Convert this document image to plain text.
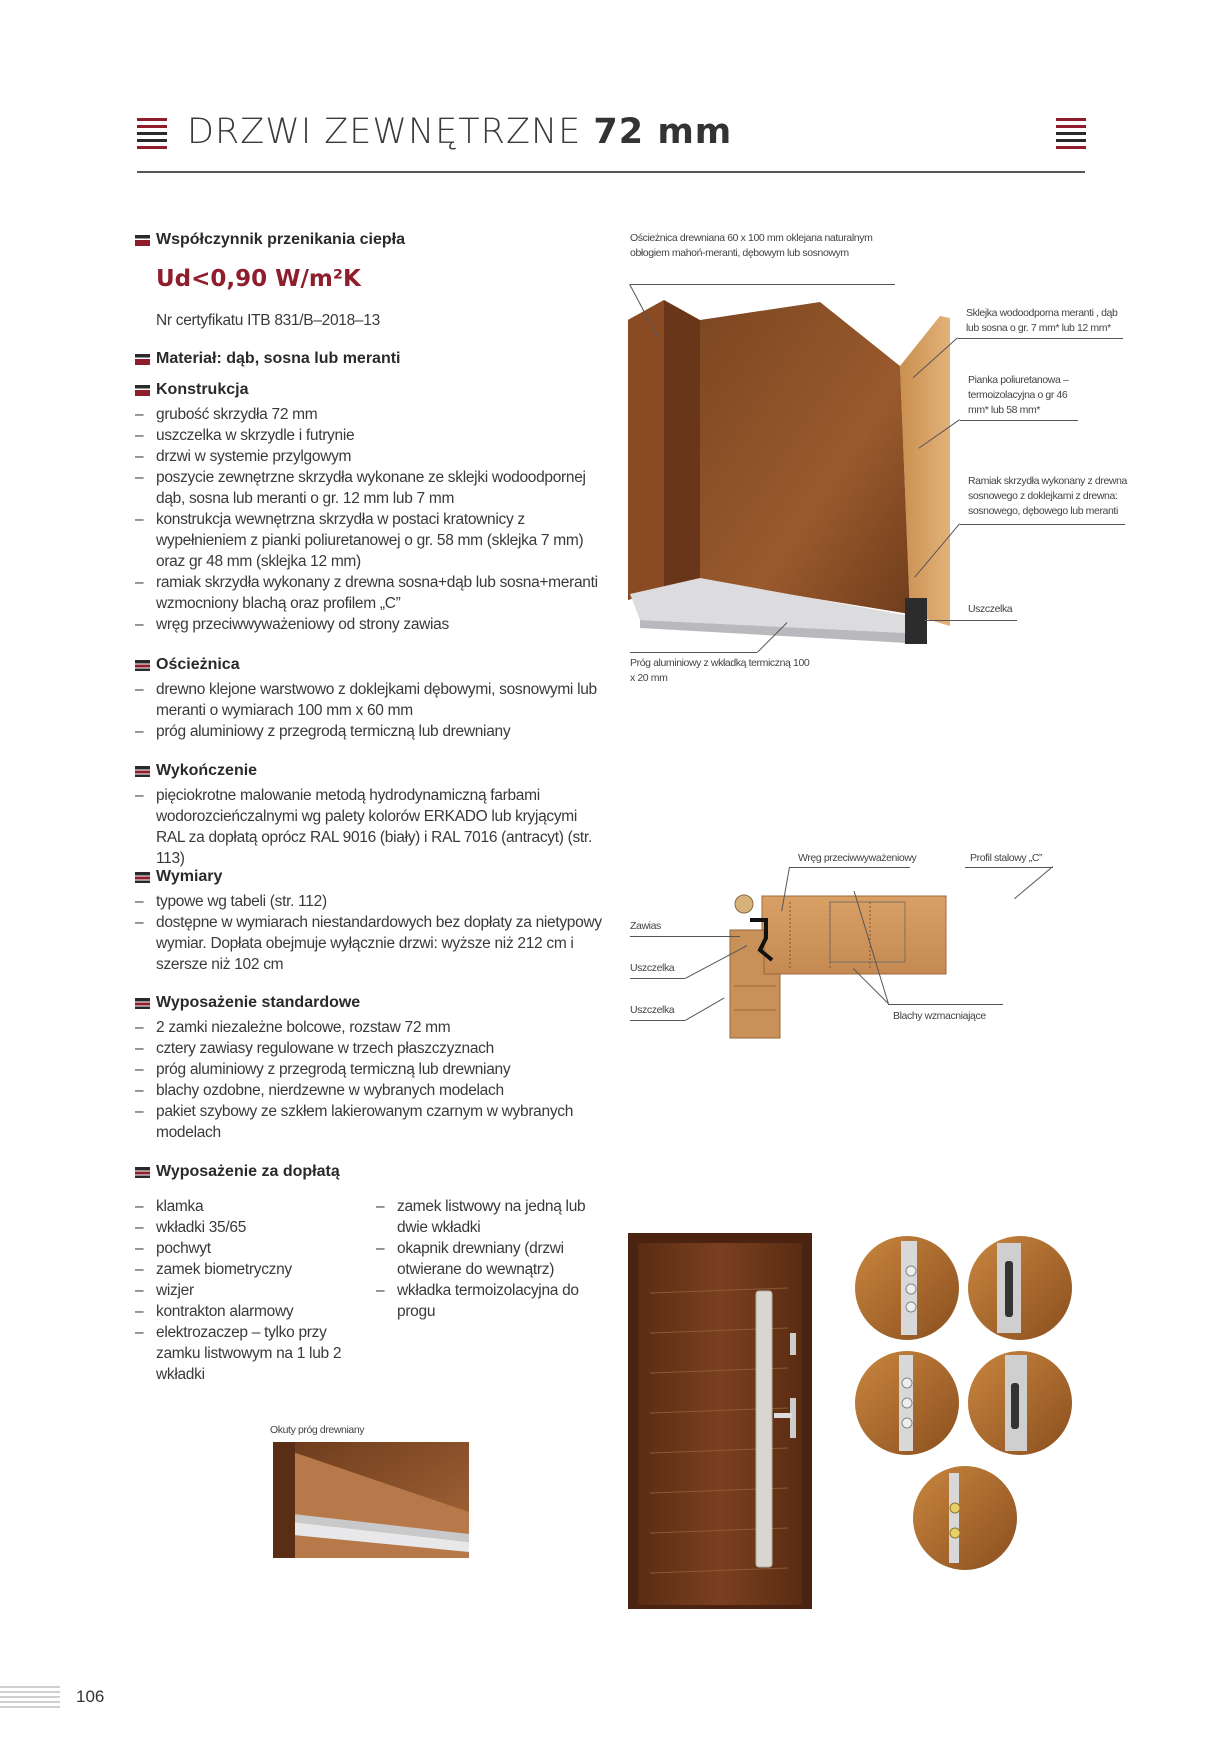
DRZWI ZEWNĘTRZNE 72 mm
Współczynnik przenikania ciepła
Ud<0,90 W/m²K
Nr certyfikatu ITB 831/B–2018–13
Materiał: dąb, sosna lub meranti
Konstrukcja
– grubość skrzydła 72 mm
– uszczelka w skrzydle i futrynie
– drzwi w systemie przylgowym
– poszycie zewnętrzne skrzydła wykonane ze sklejki wodoodpornej dąb, sosna lub meranti o gr. 12 mm lub 7 mm
– konstrukcja wewnętrzna skrzydła w postaci kratownicy z wypełnieniem z pianki poliuretanowej o gr. 58 mm (sklejka 7 mm) oraz gr 48 mm (sklejka 12 mm)
– ramiak skrzydła wykonany z drewna sosna+dąb lub sosna+meranti wzmocniony blachą oraz profilem „C”
– wręg przeciwwyważeniowy od strony zawias
Ościeżnica
– drewno klejone warstwowo z doklejkami dębowymi, sosnowymi lub meranti o wymiarach 100 mm x 60 mm
– próg aluminiowy z przegrodą termiczną lub drewniany
Wykończenie
– pięciokrotne malowanie metodą hydrodynamiczną farbami wodorozcieńczalnymi wg palety kolorów ERKADO lub kryjącymi RAL za dopłatą oprócz RAL 9016 (biały) i RAL 7016 (antracyt) (str. 113)
Wymiary
– typowe wg tabeli (str. 112)
– dostępne w wymiarach niestandardowych bez dopłaty za nietypowy wymiar. Dopłata obejmuje wyłącznie drzwi: wyższe niż 212 cm i szersze niż 102 cm
Wyposażenie standardowe
– 2 zamki niezależne bolcowe, rozstaw 72 mm
– cztery zawiasy regulowane w trzech płaszczyznach
– próg aluminiowy z przegrodą termiczną lub drewniany
– blachy ozdobne, nierdzewne w wybranych modelach
– pakiet szybowy ze szkłem lakierowanym czarnym w wybranych modelach
Wyposażenie za dopłatą
– klamka
– wkładki 35/65
– pochwyt
– zamek biometryczny
– wizjer
– kontrakton alarmowy
– elektrozaczep – tylko przy zamku listwowym na 1 lub 2 wkładki
– zamek listwowy na jedną lub dwie wkładki
– okapnik drewniany (drzwi otwierane do wewnątrz)
– wkładka termoizolacyjna do progu
Okuty próg drewniany
Ościeżnica drewniana 60 x 100 mm oklejana naturalnym obłogiem mahoń-meranti, dębowym lub sosnowym
Sklejka wodoodporna meranti , dąb lub sosna o gr. 7 mm* lub 12 mm*
Pianka poliuretanowa – termoizolacyjna o gr 46 mm* lub 58 mm*
Ramiak skrzydła wykonany z drewna sosnowego z doklejkami z drewna: sosnowego, dębowego lub meranti
Uszczelka
Próg aluminiowy z wkładką termiczną 100 x 20 mm
Wręg przeciwwyważeniowy	Profil stalowy „C”
Zawias
Uszczelka
Uszczelka	Blachy wzmacniające
106
